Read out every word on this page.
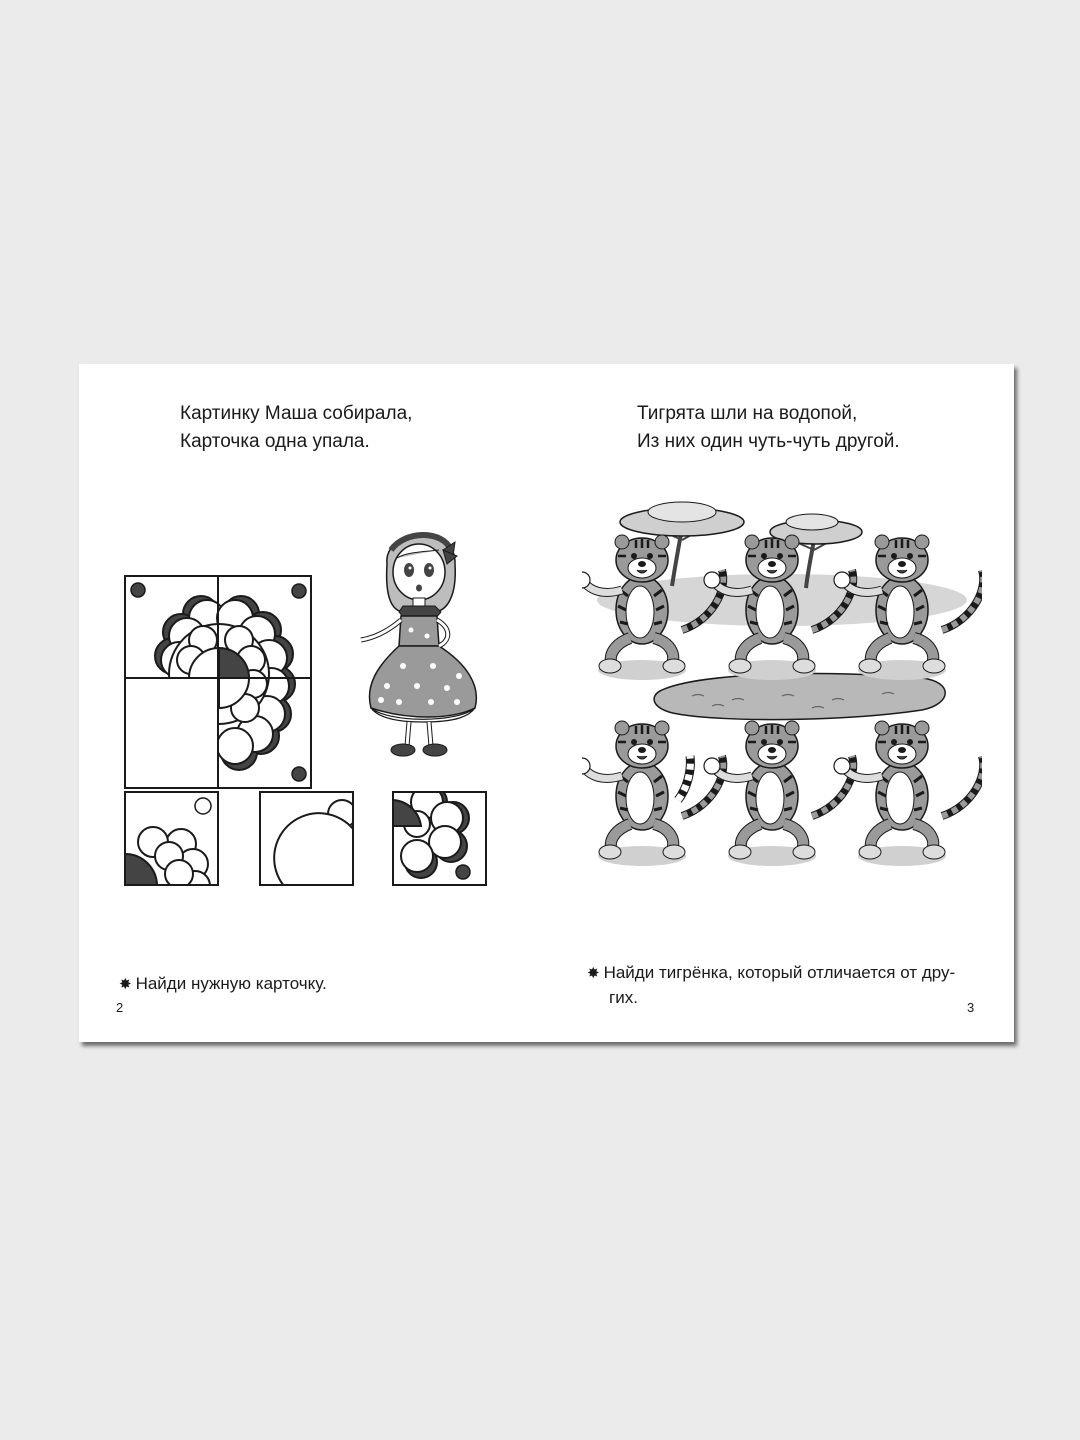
Картинку Маша собирала,
Карточка одна упала.
✸ Найди нужную карточку.
2
Тигрята шли на водопой,
Из них один чуть-чуть другой.
✸ Найди тигрёнка, который отличается от дру-
гих.
3
